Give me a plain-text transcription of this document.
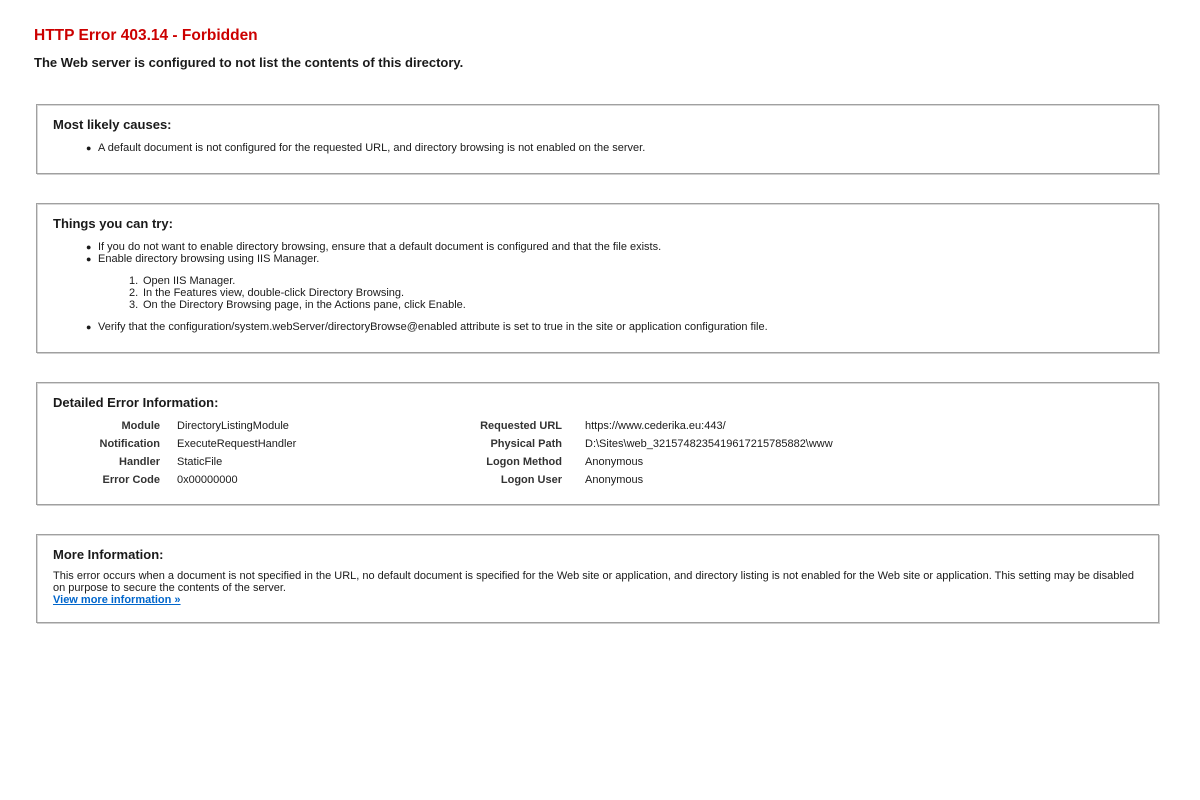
HTTP Error 403.14 - Forbidden
The Web server is configured to not list the contents of this directory.
Most likely causes:
● A default document is not configured for the requested URL, and directory browsing is not enabled on the server.
Things you can try:
● If you do not want to enable directory browsing, ensure that a default document is configured and that the file exists.
● Enable directory browsing using IIS Manager.
1. Open IIS Manager.
2. In the Features view, double-click Directory Browsing.
3. On the Directory Browsing page, in the Actions pane, click Enable.
● Verify that the configuration/system.webServer/directoryBrowse@enabled attribute is set to true in the site or application configuration file.
Detailed Error Information:
Module	DirectoryListingModule
Notification	ExecuteRequestHandler
Handler	StaticFile
Error Code	0x00000000
Requested URL	https://www.cederika.eu:443/
Physical Path	D:\Sites\web_321574823541961721578588​2\www
Logon Method	Anonymous
Logon User	Anonymous
More Information:
This error occurs when a document is not specified in the URL, no default document is specified for the Web site or application, and directory listing is not enabled for the Web site or application. This setting may be disabled on purpose to secure the contents of the server.
View more information »
